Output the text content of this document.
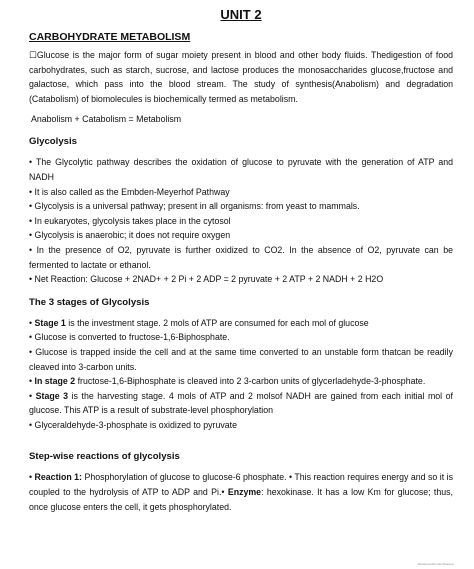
UNIT 2
CARBOHYDRATE METABOLISM

☐Glucose is the major form of sugar moiety present in blood and other body fluids. Thedigestion of food carbohydrates, such as starch, sucrose, and lactose produces the monosaccharides glucose,fructose and galactose, which pass into the blood stream. The study of synthesis(Anabolism) and degradation (Catabolism) of biomolecules is biochemically termed as metabolism.

Anabolism + Catabolism = Metabolism
Glycolysis

• The Glycolytic pathway describes the oxidation of glucose to pyruvate with the generation of ATP and NADH

• It is also called as the Embden-Meyerhof Pathway

• Glycolysis is a universal pathway; present in all organisms: from yeast to mammals.

• In eukaryotes, glycolysis takes place in the cytosol

• Glycolysis is anaerobic; it does not require oxygen

• In the presence of O2, pyruvate is further oxidized to CO2. In the absence of O2, pyruvate can be fermented to lactate or ethanol.

• Net Reaction: Glucose + 2NAD+ + 2 Pi + 2 ADP = 2 pyruvate + 2 ATP + 2 NADH + 2 H2O

The 3 stages of Glycolysis

• Stage 1 is the investment stage. 2 mols of ATP are consumed for each mol of glucose

• Glucose is converted to fructose-1,6-Biphosphate.

• Glucose is trapped inside the cell and at the same time converted to an unstable form thatcan be readily cleaved into 3-carbon units.

• In stage 2 fructose-1,6-Biphosphate is cleaved into 2 3-carbon units of glycerladehyde-3-phosphate.

• Stage 3 is the harvesting stage. 4 mols of ATP and 2 molsof NADH are gained from each initial mol of glucose. This ATP is a result of substrate-level phosphorylation

• Glyceraldehyde-3-phosphate is oxidized to pyruvate

Step-wise reactions of glycolysis

• Reaction 1: Phosphorylation of glucose to glucose-6 phosphate. • This reaction requires energy and so it is coupled to the hydrolysis of ATP to ADP and Pi.• Enzyme: hexokinase. It has a low Km for glucose; thus, once glucose enters the cell, it gets phosphorylated.

Scanned with CamScanner
